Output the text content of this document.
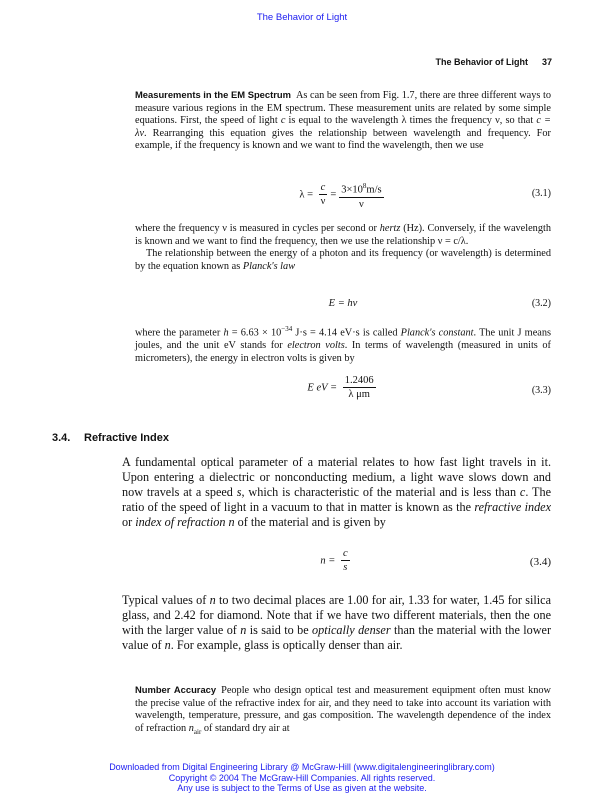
The Behavior of Light
The Behavior of Light 37

Measurements in the EM Spectrum As can be seen from Fig. 1.7, there are three different ways to measure various regions in the EM spectrum. These measurement units are related by some simple equations. First, the speed of light c is equal to the wavelength λ times the frequency ν, so that c = λν. Rearranging this equation gives the relationship between wavelength and frequency. For example, if the frequency is known and we want to find the wavelength, then we use

$\lambda = \frac{c}{\nu} = \frac{3\times 10^8m/s}{\nu}$	(3.1)

where the frequency ν is measured in cycles per second or hertz (Hz). Conversely, if the wavelength is known and we want to find the frequency, then we use the relationship ν = c/λ.

The relationship between the energy of a photon and its frequency (or wavelength) is determined by the equation known as Planck's law

E = hν	(3.2)

where the parameter $h = 6.63 \times 10^{-34}$ J·s = 4.14 eV·s is called Planck's constant. The unit J means joules, and the unit eV stands for electron volts. In terms of wavelength (measured in units of micrometers), the energy in electron volts is given by

E eV = $\frac{1.2406}{\text{λ μm}}$	(3.3)
3.4. Refractive Index

A fundamental optical parameter of a material relates to how fast light travels in it. Upon entering a dielectric or nonconducting medium, a light wave slows down and now travels at a speed s, which is characteristic of the material and is less than c. The ratio of the speed of light in a vacuum to that in matter is known as the refractive index or index of refraction n of the material and is given by

$n = \frac{c}{s}$	(3.4)

Typical values of n to two decimal places are 1.00 for air, 1.33 for water, 1.45 for silica glass, and 2.42 for diamond. Note that if we have two different materials, then the one with the larger value of n is said to be optically denser than the material with the lower value of n. For example, glass is optically denser than air.

Number Accuracy People who design optical test and measurement equipment often must know the precise value of the refractive index for air, and they need to take into account its variation with wavelength, temperature, pressure, and gas composition. The wavelength dependence of the index of refraction $n_{air}$ of standard dry air at

Downloaded from Digital Engineering Library @ McGraw-Hill (www.digitalengineeringlibrary.com)
Copyright © 2004 The McGraw-Hill Companies. All rights reserved.
Any use is subject to the Terms of Use as given at the website.
